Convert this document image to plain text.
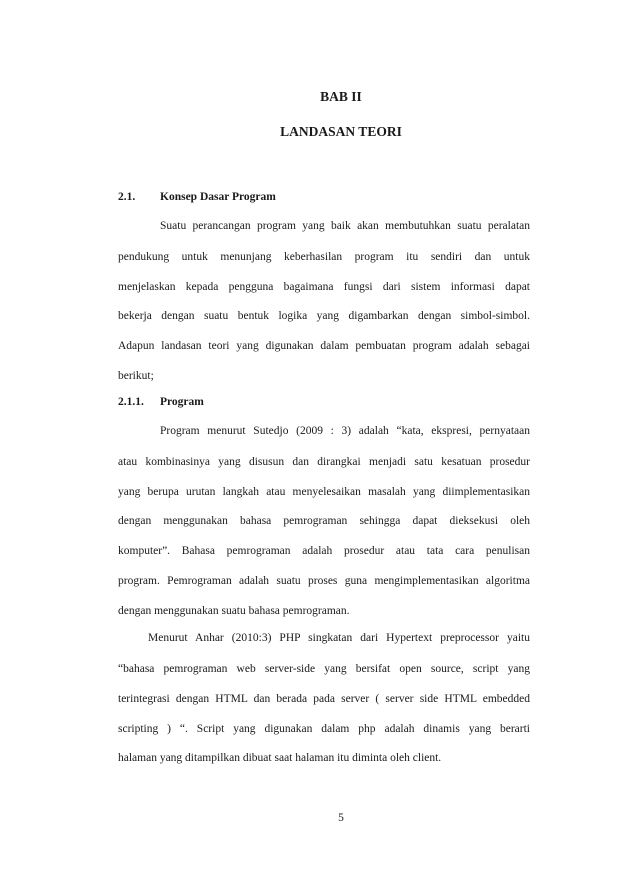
BAB II
LANDASAN TEORI
2.1. Konsep Dasar Program
Suatu perancangan program yang baik akan membutuhkan suatu peralatan
pendukung untuk menunjang keberhasilan program itu sendiri dan untuk
menjelaskan kepada pengguna bagaimana fungsi dari sistem informasi dapat
bekerja dengan suatu bentuk logika yang digambarkan dengan simbol-simbol.
Adapun landasan teori yang digunakan dalam pembuatan program adalah sebagai
berikut;
2.1.1. Program
Program menurut Sutedjo (2009 : 3) adalah “kata, ekspresi, pernyataan
atau kombinasinya yang disusun dan dirangkai menjadi satu kesatuan prosedur
yang berupa urutan langkah atau menyelesaikan masalah yang diimplementasikan
dengan menggunakan bahasa pemrograman sehingga dapat dieksekusi oleh
komputer”. Bahasa pemrograman adalah prosedur atau tata cara penulisan
program. Pemrograman adalah suatu proses guna mengimplementasikan algoritma
dengan menggunakan suatu bahasa pemrograman.
Menurut Anhar (2010:3) PHP singkatan dari Hypertext preprocessor yaitu
“bahasa pemrograman web server-side yang bersifat open source, script yang
terintegrasi dengan HTML dan berada pada server ( server side HTML embedded
scripting ) “. Script yang digunakan dalam php adalah dinamis yang berarti
halaman yang ditampilkan dibuat saat halaman itu diminta oleh client.
5
